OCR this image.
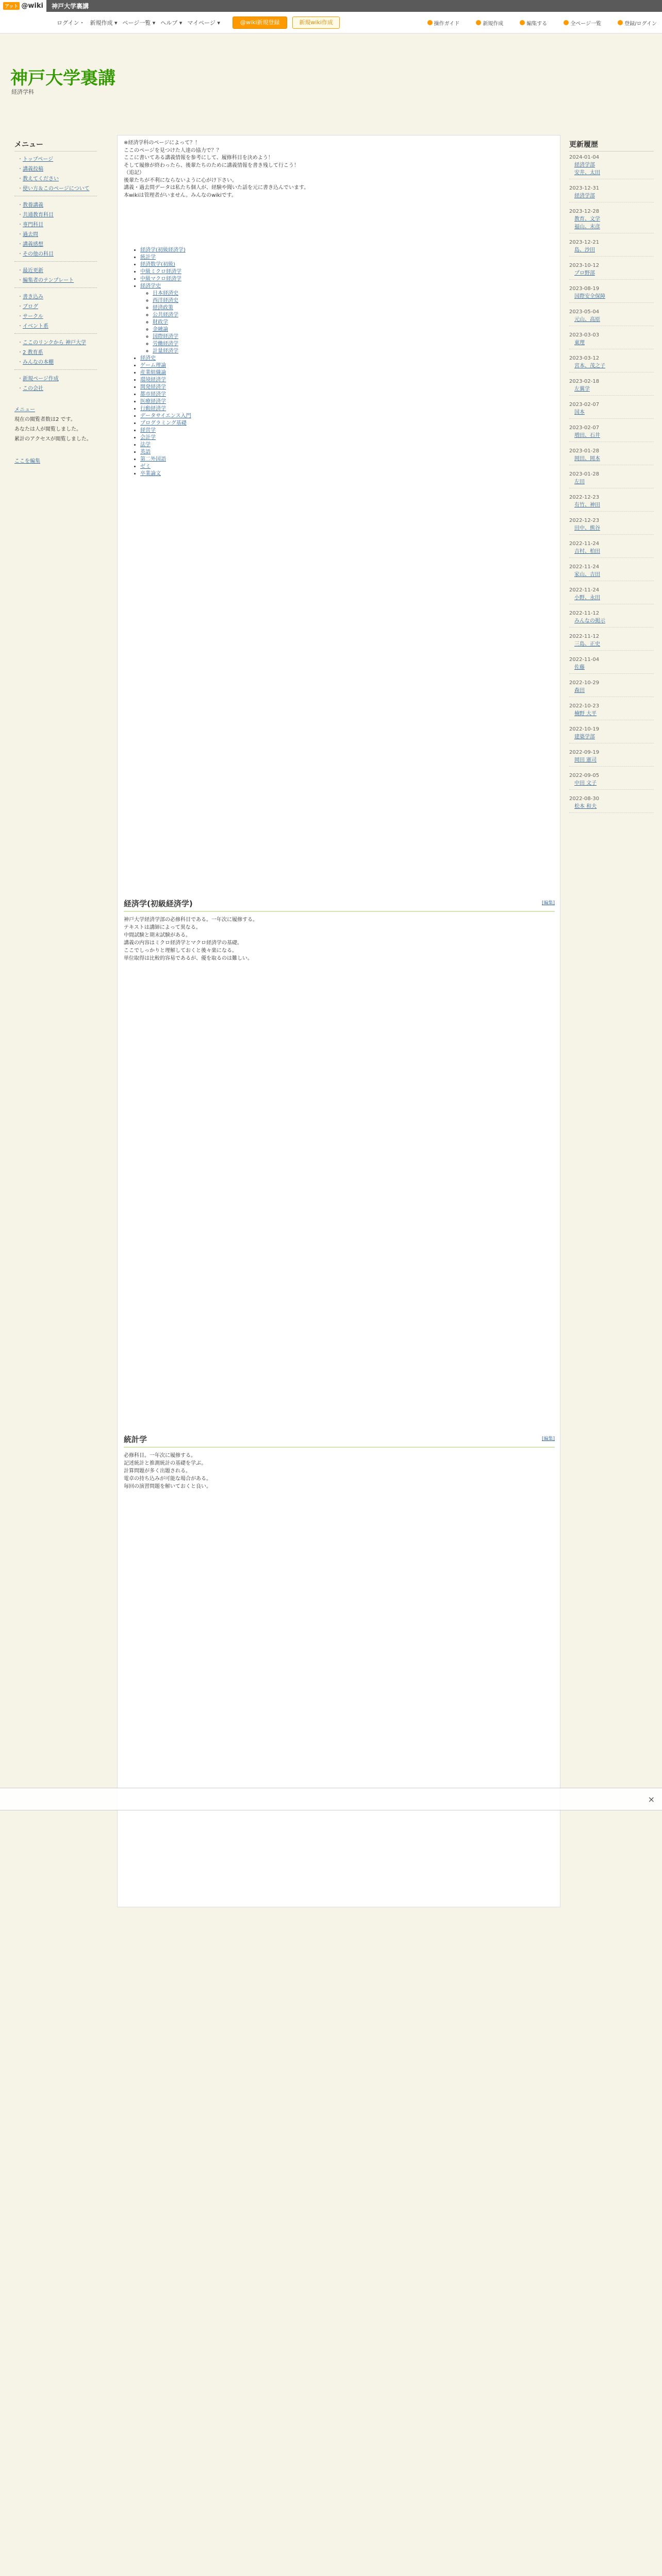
アット @wiki	神戸大学裏講
ログイン・ 新規作成 ▾ ページ一覧 ▾ ヘルプ ▾ マイページ ▾	@wiki新規登録	新規wiki作成	操作ガイド	新規作成	編集する	全ページ一覧	登録/ログイン
神戸大学裏講
経済学科
メニュー
・ トップページ
・ 講義投稿
・ 教えてください
・ 使い方＆このページについて
・ 教養講義
・ 共通教育科目
・ 専門科目
・ 過去問
・ 講義感想
・ その他の科目
・ 最近更新
・ 編集者のテンプレート
・ 書き込み
・ ブログ
・ サークル
・ イベント系
・ ここのリンクから 神戸大学
・ 2 教育系
・ みんなの本棚
・ 新規ページ作成
・ この会社

メニュー

現在の閲覧者数は2 です。

あなたは人が閲覧しました。

累計のアクセスが閲覧しました。

ここを編集

更新履歴
2024-01-04
経済学部
安井、太田
2023-12-31
経済学部
2023-12-28
教育、文学
福山、末彦
2023-12-21
島、沙田
2023-10-12
プロ野部
2023-08-19
国際安全保障
2023-05-04
元山、高原
2023-03-03
東理
2023-03-12
宮本、茂之子
2023-02-18
左翼学
2023-02-07
国本
2023-02-07
増田、石井
2023-01-28
岡田、岡本
2023-01-28
左田
2022-12-23
有竹、神田
2022-12-23
田中、熊谷
2022-11-24
吉村、柏田
2022-11-24
家山、吉田
2022-11-24
小野、永田
2022-11-12
みんなの掲示
2022-11-12
三島、正史
2022-11-04
佐藤
2022-10-29
森田
2022-10-23
楠野 大平
2022-10-19
建築学部
2022-09-19
岡田 憲司
2022-09-05
中田 文子
2022-08-30
松本 和夫

※経済学科のページによって？！

ここのページを見つけた人達の協力で？？

ここに書いてある講義情報を参考にして、履修科目を決めよう！

そして履修が終わったら、後輩たちのために講義情報を書き残して行こう！

（追記）

後輩たちが不利にならないように心がけ下さい。

講義・過去問データは私たち個人が、経験や聞いた話を元に書き込んでいます。

本wikiは管理者がいません。みんなのwikiです。

• 経済学(初級経済学)
• 統計学
• 経済数学(初級)
• 中級ミクロ経済学
• 中級マクロ経済学
• 経済学史
◦ 日本経済史
◦ 西洋経済史
◦ 経済政策
◦ 公共経済学
◦ 財政学
◦ 金融論
◦ 国際経済学
◦ 労働経済学
◦ 計量経済学
• 経済史
• ゲーム理論
• 産業組織論
• 環境経済学
• 開発経済学
• 都市経済学
• 医療経済学
• 行動経済学
• データサイエンス入門
• プログラミング基礎
• 経営学
• 会計学
• 法学
• 英語
• 第二外国語
• ゼミ
• 卒業論文
経済学(初級経済学)	[編集]

神戸大学経済学部の必修科目である。一年次に履修する。

テキストは講師によって異なる。

中間試験と期末試験がある。

講義の内容はミクロ経済学とマクロ経済学の基礎。

ここでしっかりと理解しておくと後々楽になる。

単位取得は比較的容易であるが、優を取るのは難しい。

統計学	[編集]

必修科目。一年次に履修する。

記述統計と推測統計の基礎を学ぶ。

計算問題が多く出題される。

電卓の持ち込みが可能な場合がある。

毎回の演習問題を解いておくと良い。

×
